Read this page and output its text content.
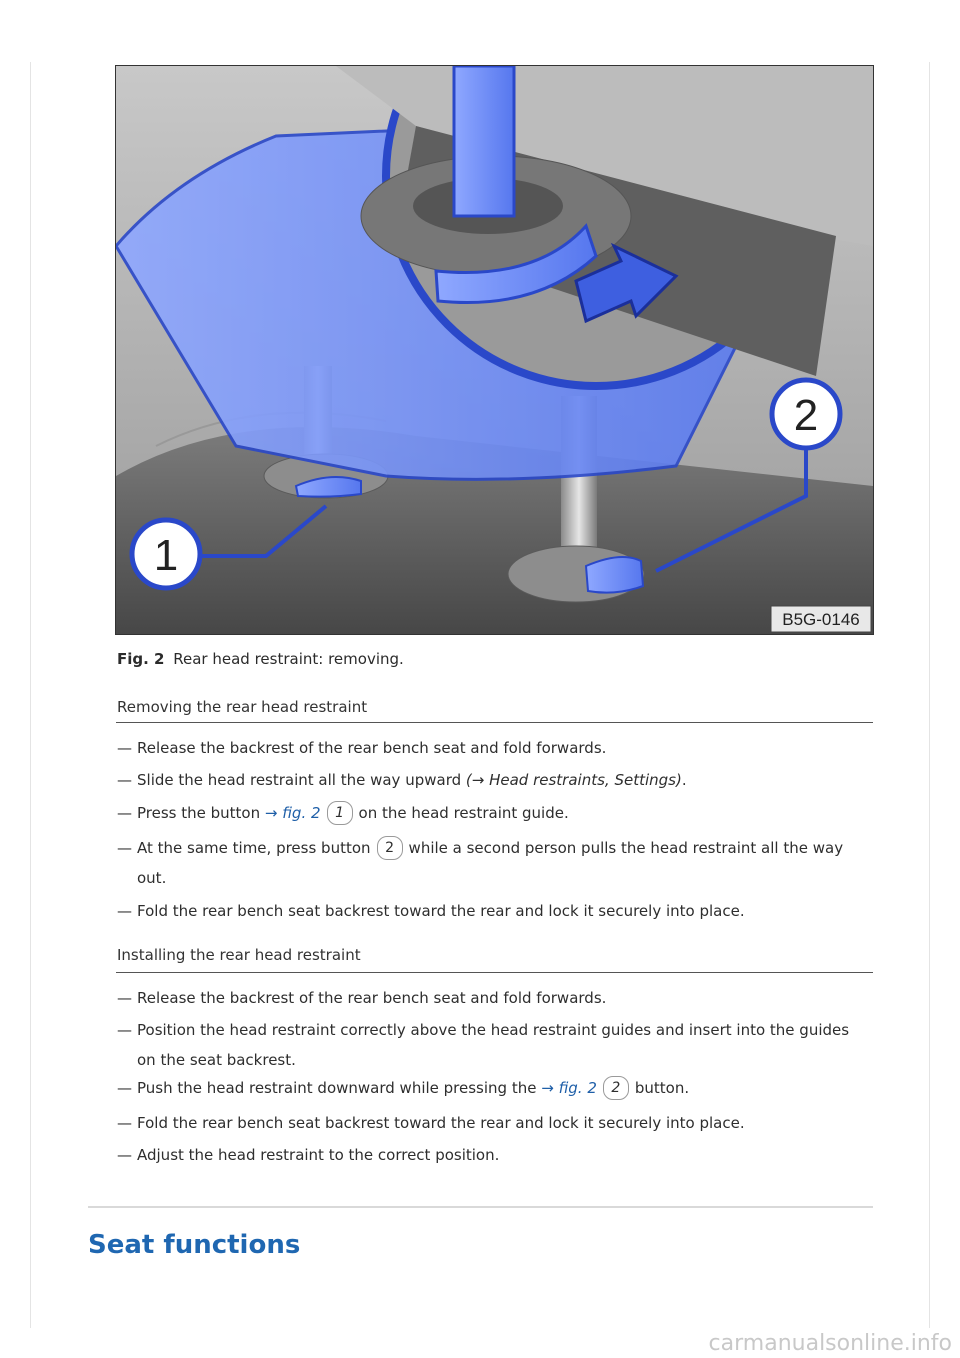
1
2
B5G-0146
Fig. 2 Rear head restraint: removing.
Removing the rear head restraint
— Release the backrest of the rear bench seat and fold forwards.
— Slide the head restraint all the way upward (→ Head restraints, Settings).
— Press the button → fig. 2 1 on the head restraint guide.
— At the same time, press button 2 while a second person pulls the head restraint all the way
out.
— Fold the rear bench seat backrest toward the rear and lock it securely into place.
Installing the rear head restraint
— Release the backrest of the rear bench seat and fold forwards.
— Position the head restraint correctly above the head restraint guides and insert into the guides
on the seat backrest.
— Push the head restraint downward while pressing the → fig. 2 2 button.
— Fold the rear bench seat backrest toward the rear and lock it securely into place.
— Adjust the head restraint to the correct position.
Seat functions
carmanualsonline.info
